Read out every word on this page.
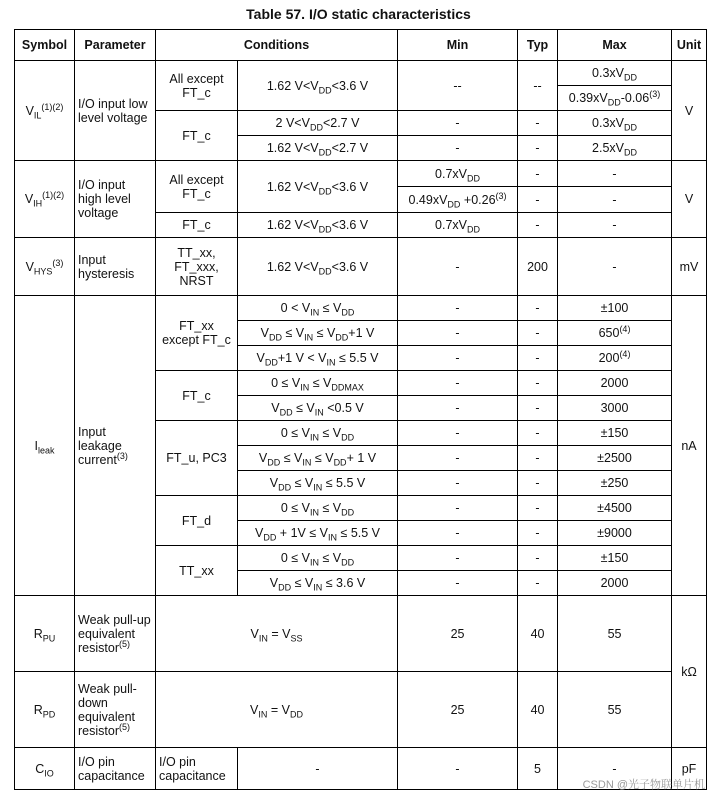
Table 57. I/O static characteristics
Symbol	Parameter	Conditions		Min	Typ	Max	Unit
$V_{IL}^{(1)(2)}$	I/O input low level voltage	All except FT_c	1.62 $V<V_{DD}<3.6$ V	--	--	$0.3xV_{DD}$	V
						$0.39xV_{DD}-0.06^{(3)}$
		FT_c	2 $V<V_{DD}<2.7$ V	-	-	$0.3xV_{DD}$
			1.62 $V<V_{DD}<2.7$ V	-	-	$2.5xV_{DD}$
$V_{IH}^{(1)(2)}$	I/O input high level voltage	All except FT_c	1.62 $V<V_{DD}<3.6$ V	$0.7xV_{DD}$	-	-	V
				$0.49xV_{DD} +0.26^{(3)}$	-	-	
		FT_c	1.62 $V<V_{DD}<3.6$ V	$0.7xV_{DD}$	-	-	
$V_{HYS}^{(3)}$	Input hysteresis	TT_xx, FT_xxx, NRST	1.62 $V<V_{DD}<3.6$ V	-	200	-	mV
$I_{leak}$	Input leakage current$^{(3)}$	FT_xx except FT_c	$0 < V_{IN} \le V_{DD}$	-	-	±100	nA
			$V_{DD} \le V_{IN} \le V_{DD}+1$ V	-	-	650$^{(4)}$
			$V_{DD}+1$ $V < V_{IN} \le 5.5$ V	-	-	200$^{(4)}$
		FT_c	$0 \le V_{IN} \le V_{DDMAX}$	-	-	2000	
			$V_{DD} \le V_{IN} <0.5$ V	-	-	3000	
		FT_u, PC3	$0 \le V_{IN} \le V_{DD}$	-	-	±150	
			$V_{DD} \le V_{IN} \le V_{DD}+ 1$ V	-	-	±2500	
			$V_{DD} \le V_{IN} \le 5.5$ V	-	-	±250	
		FT_d	$0 \le V_{IN} \le V_{DD}$	-	-	±4500	
			$V_{DD} + 1V \le V_{IN} \le 5.5$ V	-	-	±9000	
		TT_xx	$0 \le V_{IN} \le V_{DD}$	-	-	±150	
			$V_{DD} \le V_{IN} \le 3.6$ V	-	-	2000	
$R_{PU}$	Weak pull-up equivalent resistor$^{(5)}$	$V_{IN} = V_{SS}$		25	40	55	kΩ
$R_{PD}$	Weak pull-down equivalent resistor$^{(5)}$	$V_{IN} = V_{DD}$		25	40	55	
$C_{IO}$	I/O pin capacitance	I/O pin capacitance	-	-	5	-	pF
CSDN @光子物联单片机
